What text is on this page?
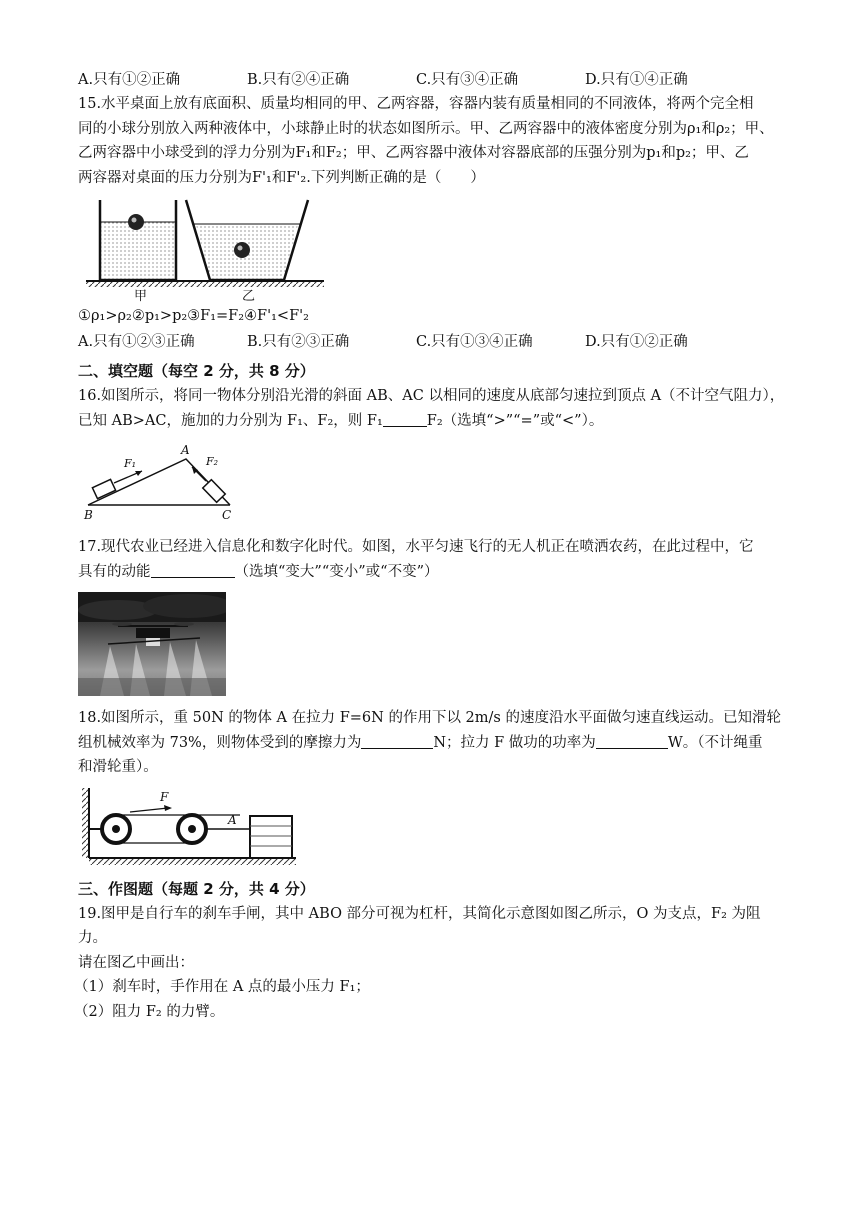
A.只有①②正确	B.只有②④正确	C.只有③④正确	D.只有①④正确
15.水平桌面上放有底面积、质量均相同的甲、乙两容器，容器内装有质量相同的不同液体，将两个完全相
同的小球分别放入两种液体中，小球静止时的状态如图所示。甲、乙两容器中的液体密度分别为ρ₁和ρ₂；甲、
乙两容器中小球受到的浮力分别为F₁和F₂；甲、乙两容器中液体对容器底部的压强分别为p₁和p₂；甲、乙
两容器对桌面的压力分别为F'₁和F'₂.下列判断正确的是（　　）
甲	乙
①ρ₁>ρ₂②p₁>p₂③F₁=F₂④F'₁<F'₂
A.只有①②③正确	B.只有②③正确	C.只有①③④正确	D.只有①②正确
二、填空题（每空 2 分，共 8 分）
16.如图所示，将同一物体分别沿光滑的斜面 AB、AC 以相同的速度从底部匀速拉到顶点 A（不计空气阻力），
已知 AB>AC，施加的力分别为 F₁、F₂，则 F₁	F₂（选填“>”“=”或“<”）。
A
B	C
F₁	F₂
17.现代农业已经进入信息化和数字化时代。如图，水平匀速飞行的无人机正在喷洒农药，在此过程中，它
具有的动能	（选填“变大”“变小”或“不变”）
18.如图所示，重 50N 的物体 A 在拉力 F=6N 的作用下以 2m/s 的速度沿水平面做匀速直线运动。已知滑轮
组机械效率为 73%，则物体受到的摩擦力为	N；拉力 F 做功的功率为	W。（不计绳重
和滑轮重）。
F
A
三、作图题（每题 2 分，共 4 分）
19.图甲是自行车的刹车手闸，其中 ABO 部分可视为杠杆，其简化示意图如图乙所示，O 为支点，F₂ 为阻力。
请在图乙中画出：
（1）刹车时，手作用在 A 点的最小压力 F₁；
（2）阻力 F₂ 的力臂。
